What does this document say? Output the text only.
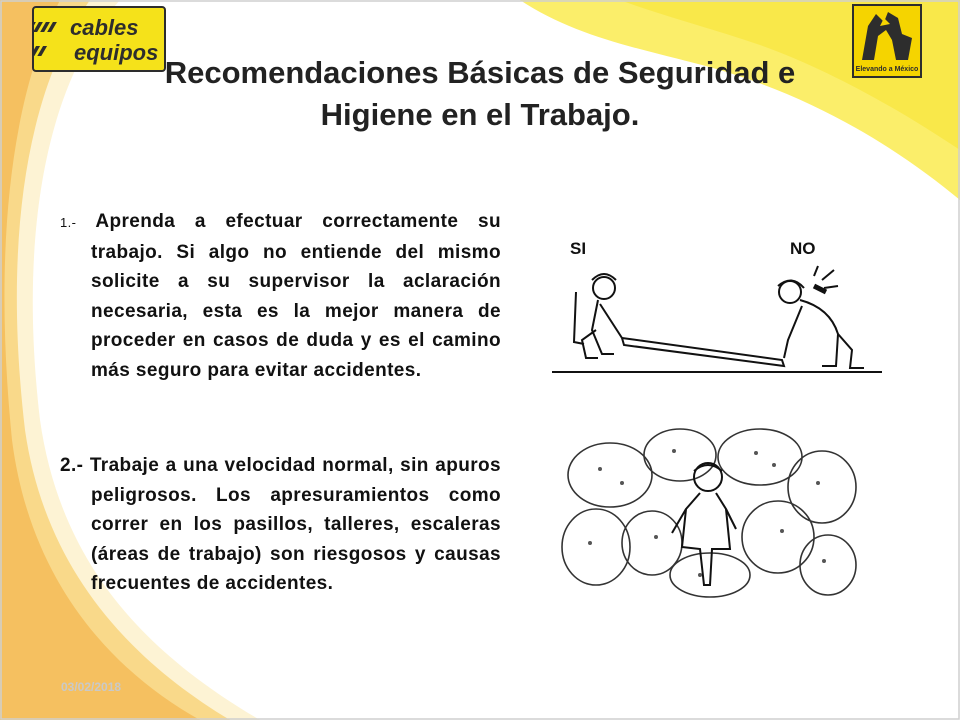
cables
equipos
Elevando a México
Recomendaciones Básicas de Seguridad e
Higiene en el Trabajo.
1.- Aprenda a efectuar correctamente su trabajo. Si algo no entiende del mismo solicite a su supervisor la aclaración necesaria, esta es la mejor manera de proceder en casos de duda y es el camino más seguro para evitar accidentes.
2.- Trabaje a una velocidad normal, sin apuros peligrosos. Los apresuramientos como correr en los pasillos, talleres, escaleras (áreas de trabajo) son riesgosos y causas frecuentes de accidentes.
SI	NO
03/02/2018
